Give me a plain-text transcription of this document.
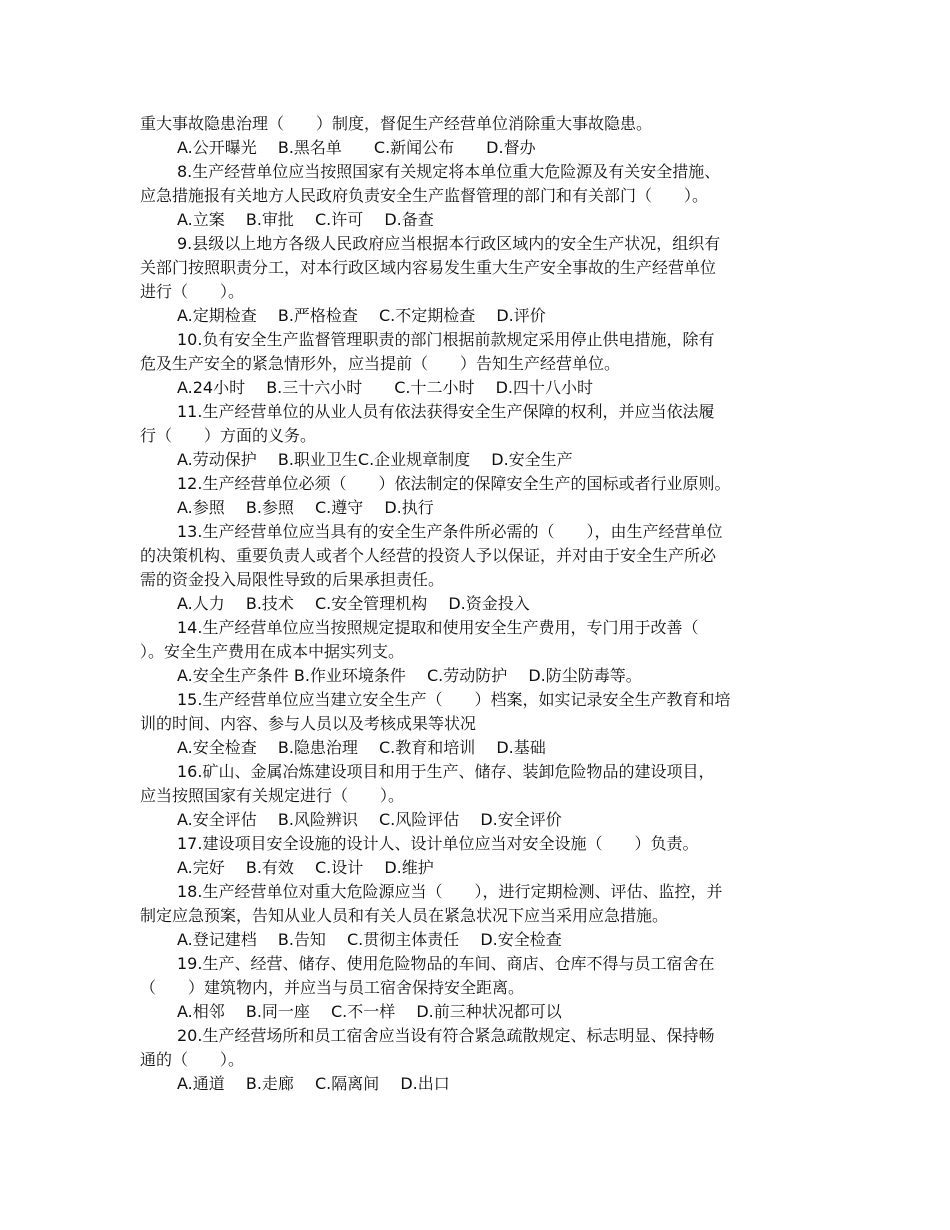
重大事故隐患治理（　　）制度，督促生产经营单位消除重大事故隐患。

A.公开曝光　 B.黑名单　　C.新闻公布　　D.督办

8.生产经营单位应当按照国家有关规定将本单位重大危险源及有关安全措施、

应急措施报有关地方人民政府负责安全生产监督管理的部门和有关部门（　　）。

A.立案　 B.审批　 C.许可　 D.备查

9.县级以上地方各级人民政府应当根据本行政区域内的安全生产状况，组织有

关部门按照职责分工，对本行政区域内容易发生重大生产安全事故的生产经营单位

进行（　　）。

A.定期检查　 B.严格检查　 C.不定期检查　 D.评价

10.负有安全生产监督管理职责的部门根据前款规定采用停止供电措施，除有

危及生产安全的紧急情形外，应当提前（　　）告知生产经营单位。

A.24小时　 B.三十六小时　　C.十二小时　 D.四十八小时

11.生产经营单位的从业人员有依法获得安全生产保障的权利，并应当依法履

行（　　）方面的义务。

A.劳动保护　 B.职业卫生C.企业规章制度　 D.安全生产

12.生产经营单位必须（　　）依法制定的保障安全生产的国标或者行业原则。

A.参照　 B.参照　 C.遵守　 D.执行

13.生产经营单位应当具有的安全生产条件所必需的（　　），由生产经营单位

的决策机构、重要负责人或者个人经营的投资人予以保证，并对由于安全生产所必

需的资金投入局限性导致的后果承担责任。

A.人力　 B.技术　 C.安全管理机构　 D.资金投入

14.生产经营单位应当按照规定提取和使用安全生产费用，专门用于改善（

）。安全生产费用在成本中据实列支。

A.安全生产条件 B.作业环境条件　 C.劳动防护　 D.防尘防毒等。

15.生产经营单位应当建立安全生产（　　）档案，如实记录安全生产教育和培

训的时间、内容、参与人员以及考核成果等状况

A.安全检查　 B.隐患治理　 C.教育和培训　 D.基础

16.矿山、金属冶炼建设项目和用于生产、储存、装卸危险物品的建设项目，

应当按照国家有关规定进行（　　）。

A.安全评估　 B.风险辨识　 C.风险评估　 D.安全评价

17.建设项目安全设施的设计人、设计单位应当对安全设施（　　）负责。

A.完好　 B.有效　 C.设计　 D.维护

18.生产经营单位对重大危险源应当（　　），进行定期检测、评估、监控，并

制定应急预案，告知从业人员和有关人员在紧急状况下应当采用应急措施。

A.登记建档　 B.告知　 C.贯彻主体责任　 D.安全检查

19.生产、经营、储存、使用危险物品的车间、商店、仓库不得与员工宿舍在

（　　）建筑物内，并应当与员工宿舍保持安全距离。

A.相邻　 B.同一座　 C.不一样　 D.前三种状况都可以

20.生产经营场所和员工宿舍应当设有符合紧急疏散规定、标志明显、保持畅

通的（　　）。

A.通道　 B.走廊　 C.隔离间　 D.出口
